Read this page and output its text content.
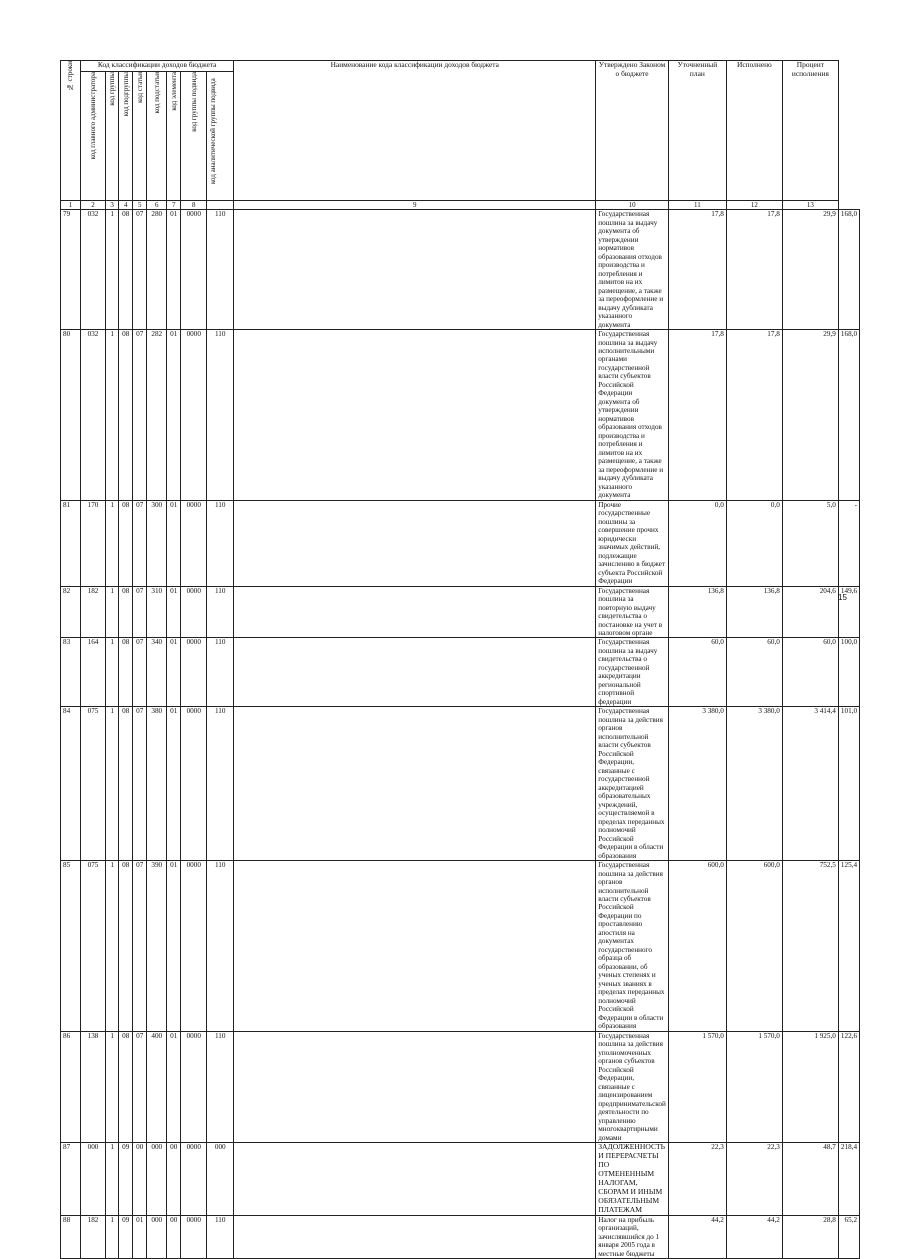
№ строки	Код классификации доходов бюджета								Наименование кода классификации доходов бюджета	Утверждено Законом о бюджете	Уточненный план	Исполнено	Процент исполнения	

	код главного администратора	код группы	код подгруппы	код статьи	код подстатьи	код элемента	код группы подвида	код аналитической группы подвида						

1	2	3	4	5	6	7	8		9	10	11	12	13	
79	032	1	08	07	280	01	0000	110		Государственная пошлина за выдачу документа об утверждении нормативов образования отходов производства и потребления и лимитов на их размещение, а также за переоформление и выдачу дубликата указанного документа	17,8	17,8	29,9	168,0
80	032	1	08	07	282	01	0000	110		Государственная пошлина за выдачу исполнительными органами государственной власти субъектов Российской Федерации документа об утверждении нормативов образования отходов производства и потребления и лимитов на их размещение, а также за переоформление и выдачу дубликата указанного документа	17,8	17,8	29,9	168,0
81	170	1	08	07	300	01	0000	110		Прочие государственные пошлины за совершение прочих юридически значимых действий, подлежащие зачислению в бюджет субъекта Российской Федерации	0,0	0,0	5,0	-
82	182	1	08	07	310	01	0000	110		Государственная пошлина за повторную выдачу свидетельства о постановке на учет в налоговом органе	136,8	136,8	204,6	149,6
83	164	1	08	07	340	01	0000	110		Государственная пошлина за выдачу свидетельства о государственной аккредитации региональной спортивной федерации	60,0	60,0	60,0	100,0
84	075	1	08	07	380	01	0000	110		Государственная пошлина за действия органов исполнительной власти субъектов Российской Федерации, связанные с государственной аккредитацией образовательных учреждений, осуществляемой в пределах переданных полномочий Российской Федерации в области образования	3 380,0	3 380,0	3 414,4	101,0
85	075	1	08	07	390	01	0000	110		Государственная пошлина за действия органов исполнительной власти субъектов Российской Федерации по проставлению апостиля на документах государственного образца об образовании, об ученых степенях и ученых званиях в пределах переданных полномочий Российской Федерации в области образования	600,0	600,0	752,5	125,4
86	138	1	08	07	400	01	0000	110		Государственная пошлина за действия уполномоченных органов субъектов Российской Федерации, связанные с лицензированием предпринимательской деятельности по управлению многоквартирными домами	1 570,0	1 570,0	1 925,0	122,6
87	000	1	09	00	000	00	0000	000		ЗАДОЛЖЕННОСТЬ И ПЕРЕРАСЧЕТЫ ПО ОТМЕНЕННЫМ НАЛОГАМ, СБОРАМ И ИНЫМ ОБЯЗАТЕЛЬНЫМ ПЛАТЕЖАМ	22,3	22,3	48,7	218,4
88	182	1	09	01	000	00	0000	110		Налог на прибыль организаций, зачислявшийся до 1 января 2005 года в местные бюджеты	44,2	44,2	28,8	65,2
15
